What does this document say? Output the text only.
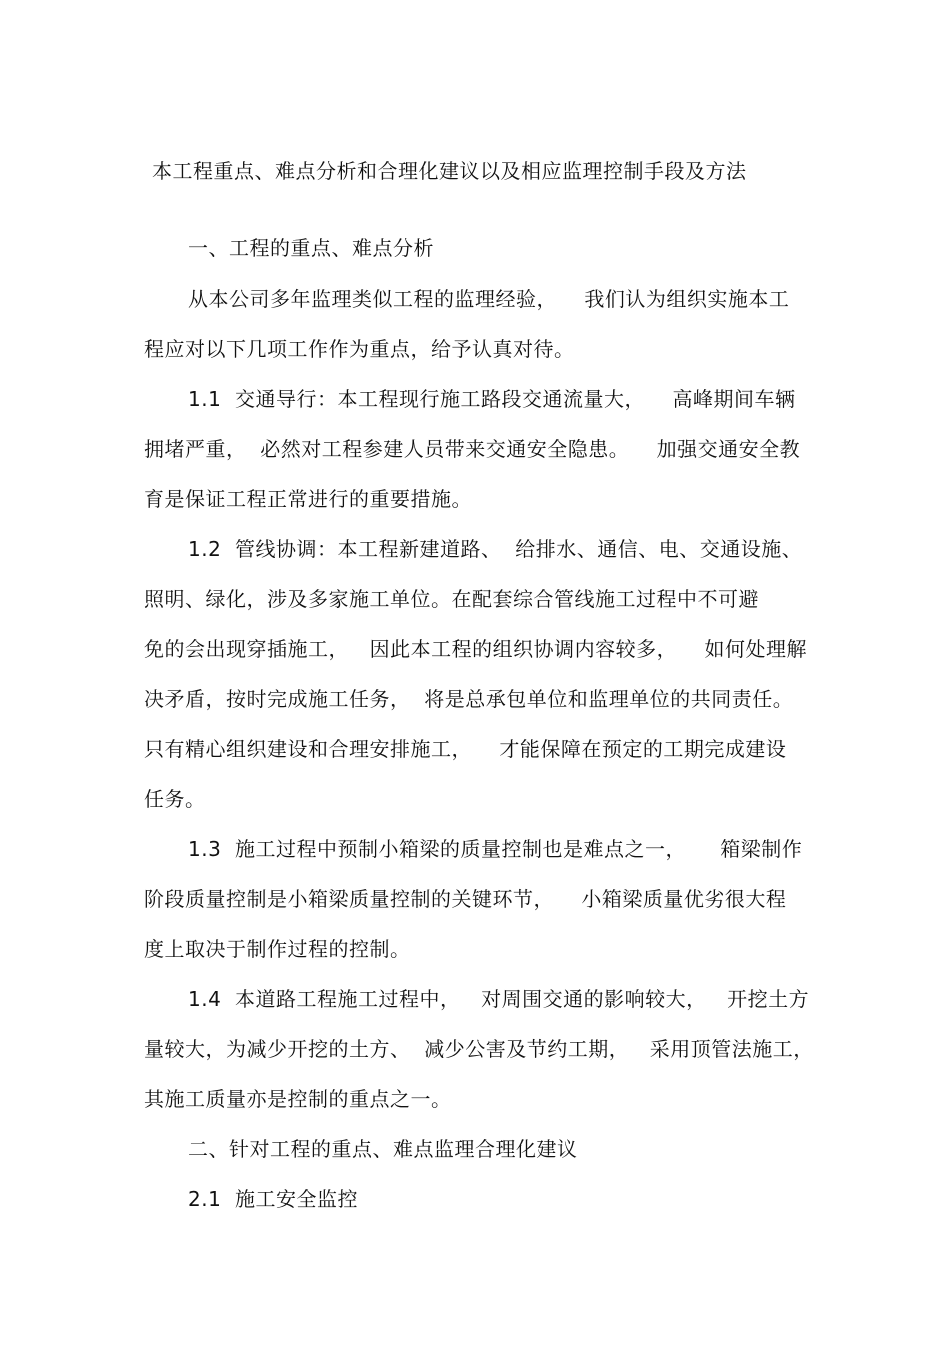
本工程重点、难点分析和合理化建议以及相应监理控制手段及方法
一、工程的重点、难点分析
从本公司多年监理类似工程的监理经验，    我们认为组织实施本工
程应对以下几项工作作为重点，给予认真对待。
1.1  交通导行：本工程现行施工路段交通流量大，    高峰期间车辆
拥堵严重，  必然对工程参建人员带来交通安全隐患。    加强交通安全教
育是保证工程正常进行的重要措施。
1.2  管线协调：本工程新建道路、  给排水、通信、电、交通设施、
照明、绿化，涉及多家施工单位。在配套综合管线施工过程中不可避
免的会出现穿插施工，   因此本工程的组织协调内容较多，    如何处理解
决矛盾，按时完成施工任务，  将是总承包单位和监理单位的共同责任。
只有精心组织建设和合理安排施工，    才能保障在预定的工期完成建设
任务。
1.3  施工过程中预制小箱梁的质量控制也是难点之一，     箱梁制作
阶段质量控制是小箱梁质量控制的关键环节，    小箱梁质量优劣很大程
度上取决于制作过程的控制。
1.4  本道路工程施工过程中，   对周围交通的影响较大，   开挖土方
量较大，为减少开挖的土方、  减少公害及节约工期，   采用顶管法施工，
其施工质量亦是控制的重点之一。
二、针对工程的重点、难点监理合理化建议
2.1  施工安全监控
